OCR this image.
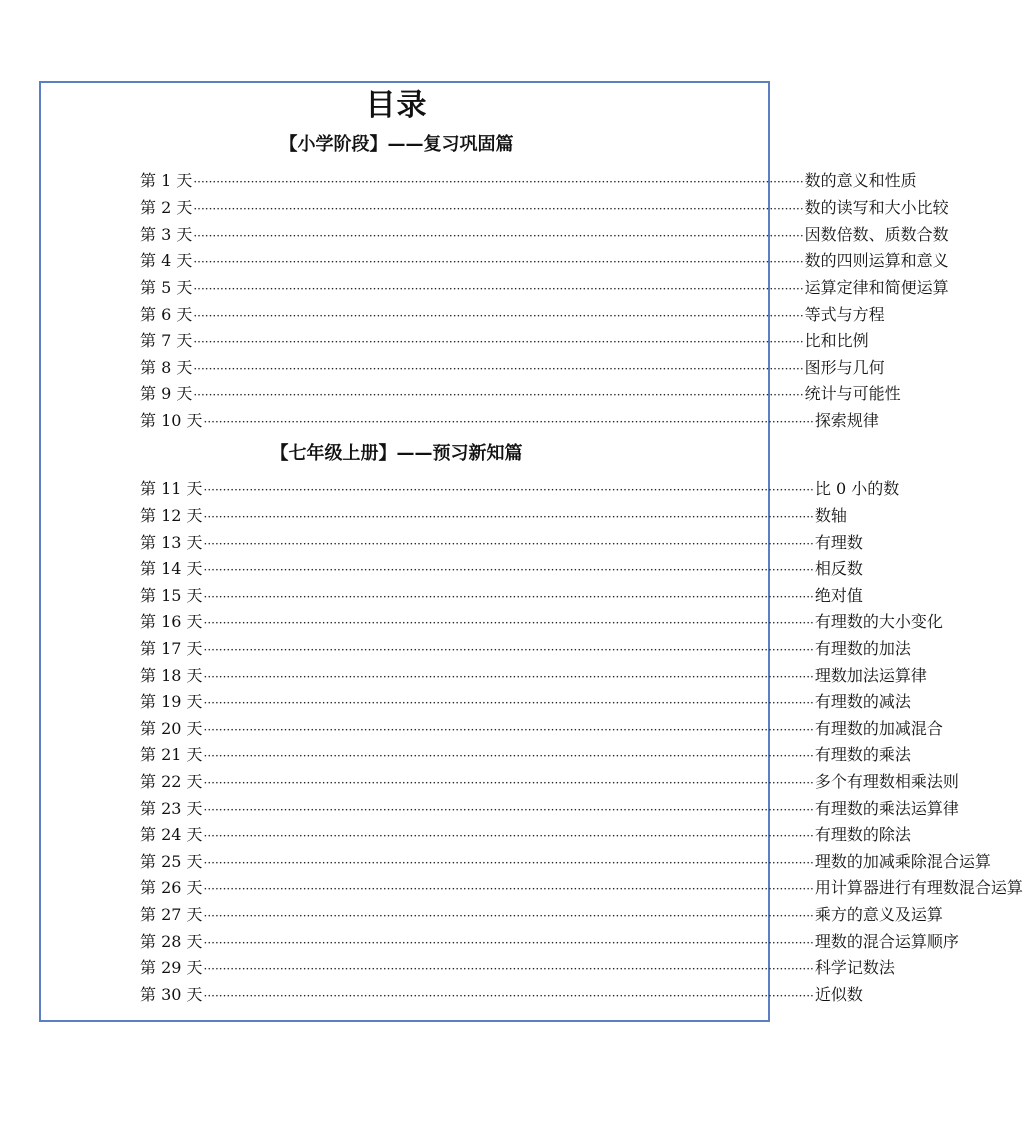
目录
【小学阶段】——复习巩固篇
第 1 天 ································································································································································ 数的意义和性质
第 2 天 ································································································································································ 数的读写和大小比较
第 3 天 ································································································································································ 因数倍数、质数合数
第 4 天 ································································································································································ 数的四则运算和意义
第 5 天 ································································································································································ 运算定律和简便运算
第 6 天 ································································································································································ 等式与方程
第 7 天 ································································································································································ 比和比例
第 8 天 ································································································································································ 图形与几何
第 9 天 ································································································································································ 统计与可能性
第 10 天 ································································································································································ 探索规律
【七年级上册】——预习新知篇
第 11 天 ································································································································································ 比 0 小的数
第 12 天 ································································································································································ 数轴
第 13 天 ································································································································································ 有理数
第 14 天 ································································································································································ 相反数
第 15 天 ································································································································································ 绝对值
第 16 天 ································································································································································ 有理数的大小变化
第 17 天 ································································································································································ 有理数的加法
第 18 天 ································································································································································ 理数加法运算律
第 19 天 ································································································································································ 有理数的减法
第 20 天 ································································································································································ 有理数的加减混合
第 21 天 ································································································································································ 有理数的乘法
第 22 天 ································································································································································ 多个有理数相乘法则
第 23 天 ································································································································································ 有理数的乘法运算律
第 24 天 ································································································································································ 有理数的除法
第 25 天 ································································································································································ 理数的加减乘除混合运算
第 26 天 ································································································································································ 用计算器进行有理数混合运算
第 27 天 ································································································································································ 乘方的意义及运算
第 28 天 ································································································································································ 理数的混合运算顺序
第 29 天 ································································································································································ 科学记数法
第 30 天 ································································································································································ 近似数
